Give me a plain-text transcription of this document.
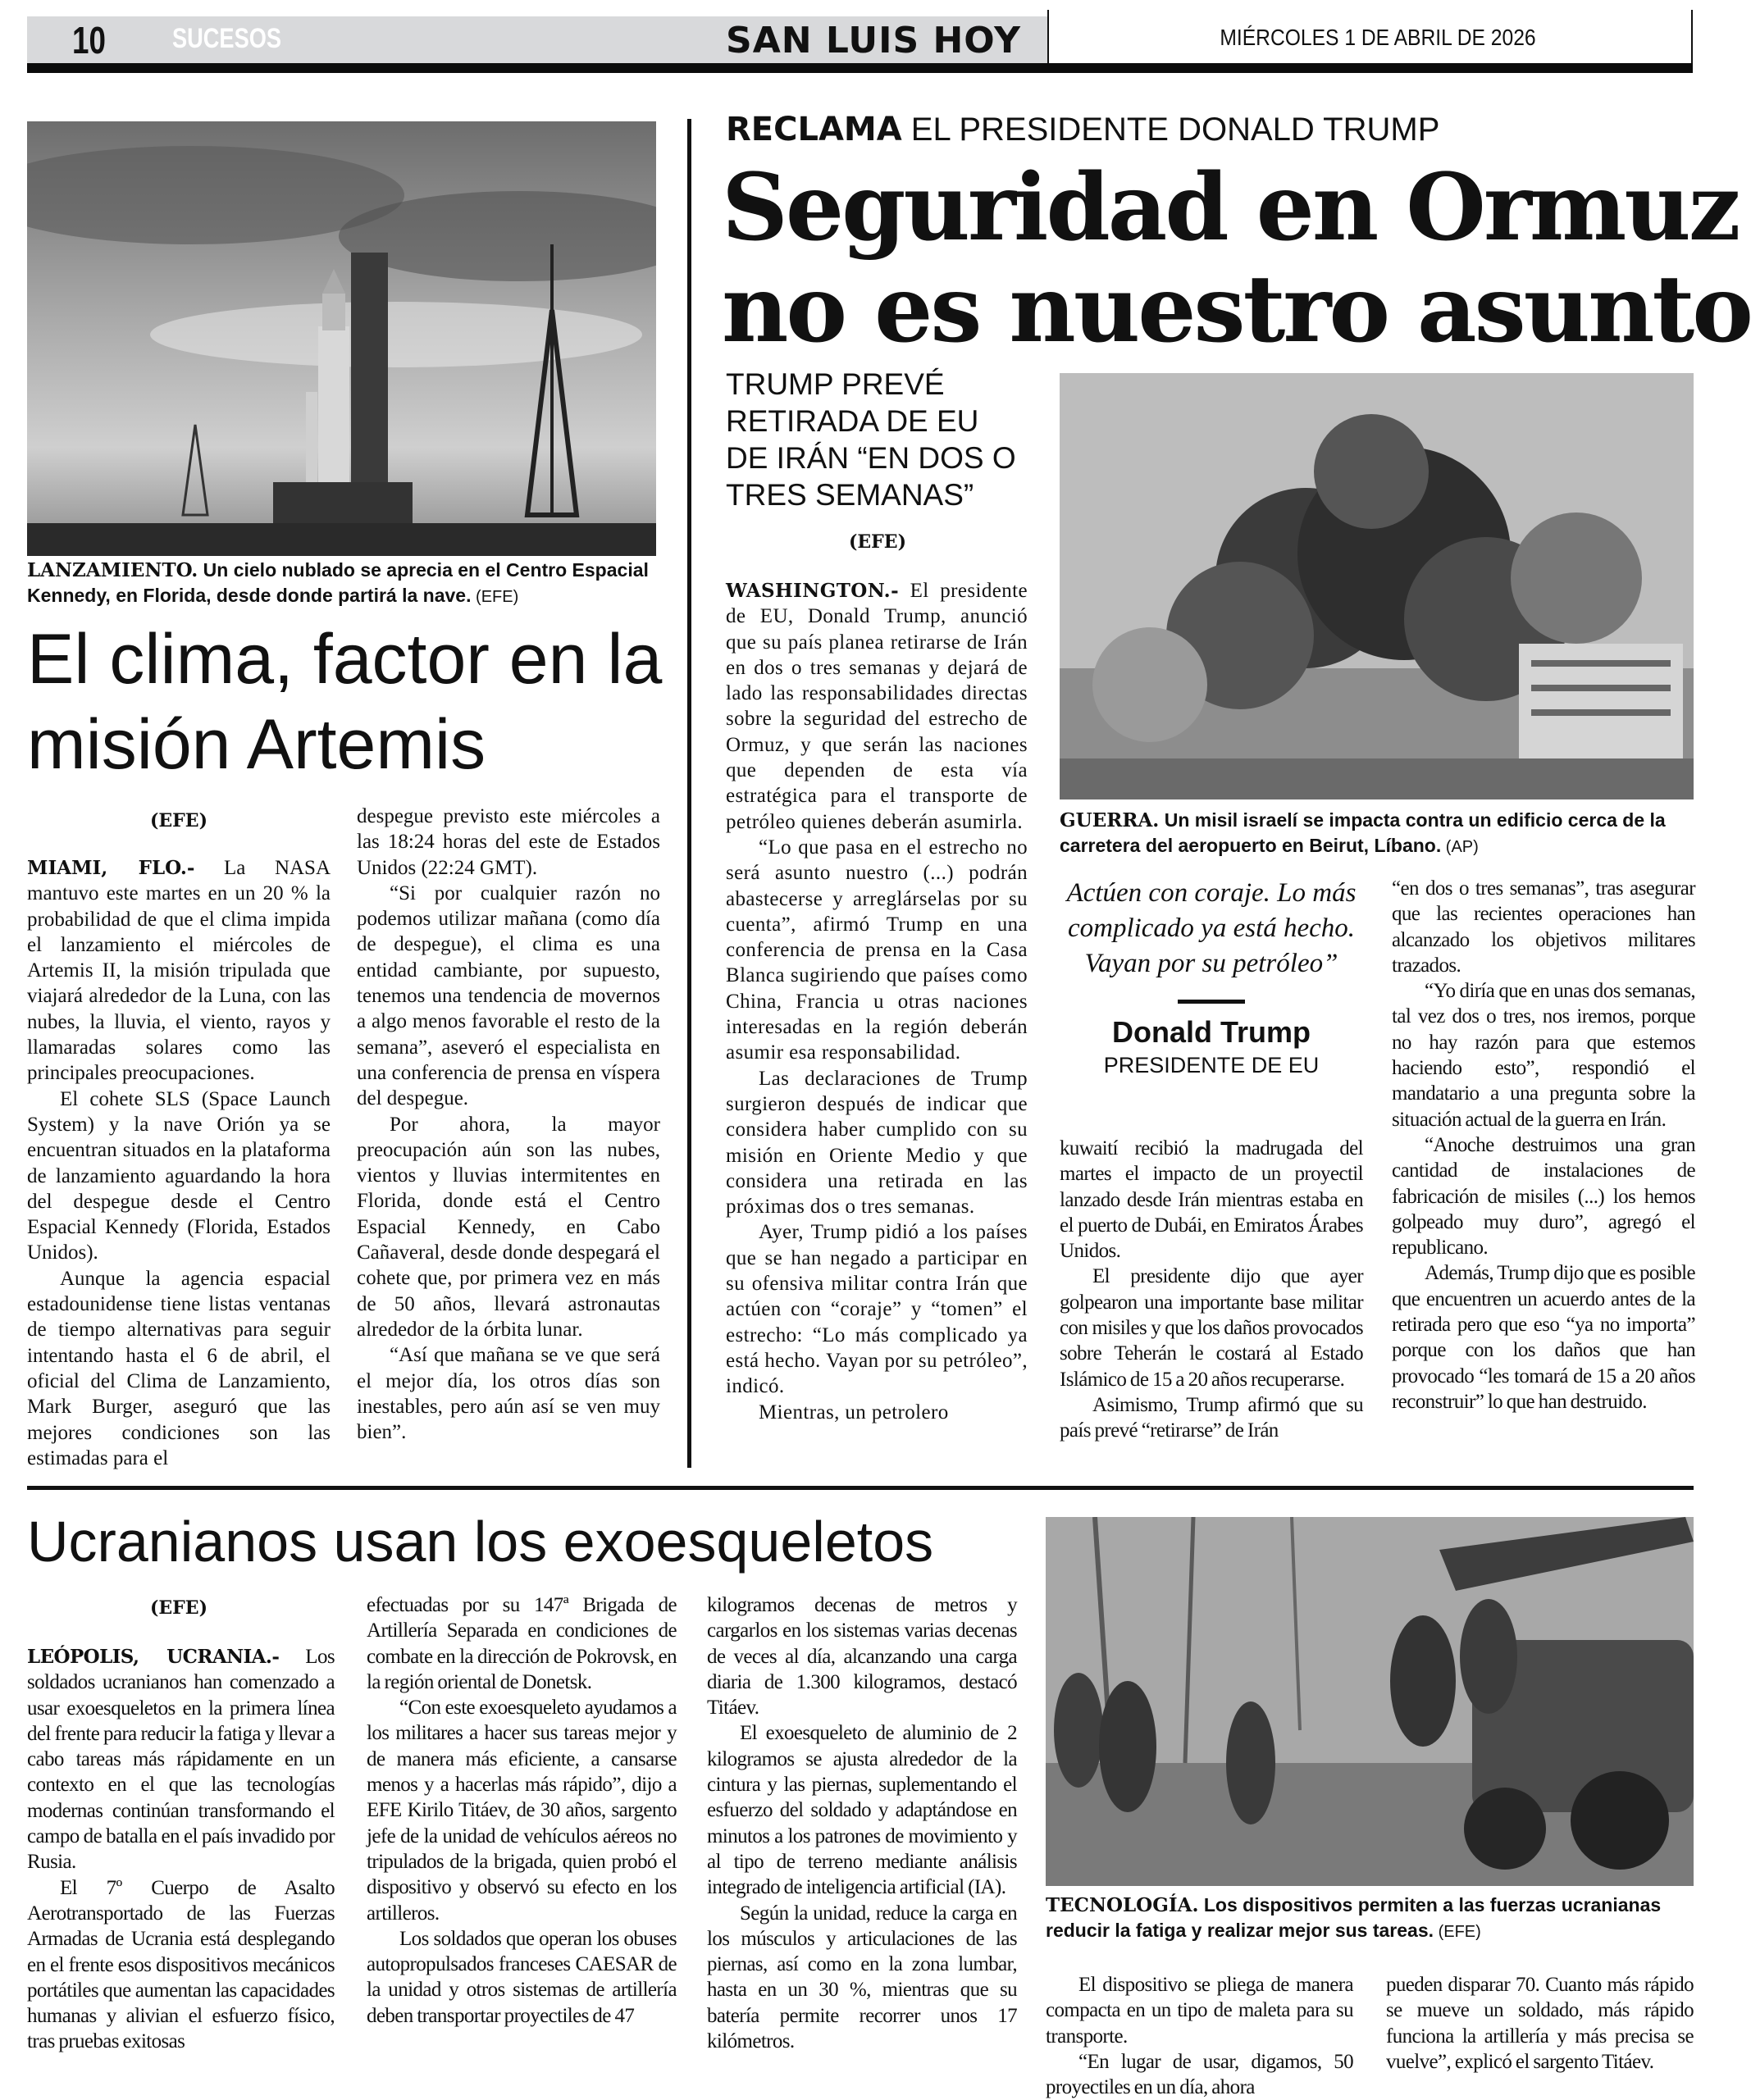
10 SUCESOS	SAN LUIS HOY	MIÉRCOLES 1 DE ABRIL DE 2026
LANZAMIENTO. Un cielo nublado se aprecia en el Centro Espacial Kennedy, en Florida, desde donde partirá la nave. (EFE)
El clima, factor en la misión Artemis
(EFE)

MIAMI, FLO.- La NASA mantuvo este martes en un 20 % la probabilidad de que el clima impida el lanzamiento el miércoles de Artemis II, la misión tripulada que viajará alrededor de la Luna, con las nubes, la lluvia, el viento, rayos y llamaradas solares como las principales preocupaciones.

El cohete SLS (Space Launch System) y la nave Orión ya se encuentran situados en la plataforma de lanzamiento aguardando la hora del despegue desde el Centro Espacial Kennedy (Florida, Estados Unidos).

Aunque la agencia espacial estadounidense tiene listas ventanas de tiempo alternativas para seguir intentando hasta el 6 de abril, el oficial del Clima de Lanzamiento, Mark Burger, aseguró que las mejores condiciones son las estimadas para el

despegue previsto este miércoles a las 18:24 horas del este de Estados Unidos (22:24 GMT).

“Si por cualquier razón no podemos utilizar mañana (como día de despegue), el clima es una entidad cambiante, por supuesto, tenemos una tendencia de movernos a algo menos favorable el resto de la semana”, aseveró el especialista en una conferencia de prensa en víspera del despegue.

Por ahora, la mayor preocupación aún son las nubes, vientos y lluvias intermitentes en Florida, donde está el Centro Espacial Kennedy, en Cabo Cañaveral, desde donde despegará el cohete que, por primera vez en más de 50 años, llevará astronautas alrededor de la órbita lunar.

“Así que mañana se ve que será el mejor día, los otros días son inestables, pero aún así se ven muy bien”.

RECLAMA EL PRESIDENTE DONALD TRUMP
Seguridad en Ormuz
no es nuestro asunto
TRUMP PREVÉ RETIRADA DE EU DE IRÁN “EN DOS O TRES SEMANAS”
(EFE)

WASHINGTON.- El presidente de EU, Donald Trump, anunció que su país planea retirarse de Irán en dos o tres semanas y dejará de lado las responsabilidades directas sobre la seguridad del estrecho de Ormuz, y que serán las naciones que dependen de esta vía estratégica para el transporte de petróleo quienes deberán asumirla.

“Lo que pasa en el estrecho no será asunto nuestro (...) podrán abastecerse y arreglárselas por su cuenta”, afirmó Trump en una conferencia de prensa en la Casa Blanca sugiriendo que países como China, Francia u otras naciones interesadas en la región deberán asumir esa responsabilidad.

Las declaraciones de Trump surgieron después de indicar que considera haber cumplido con su misión en Oriente Medio y que considera una retirada en las próximas dos o tres semanas.

Ayer, Trump pidió a los países que se han negado a participar en su ofensiva militar contra Irán que actúen con “coraje” y “tomen” el estrecho: “Lo más complicado ya está hecho. Vayan por su petróleo”, indicó.

Mientras, un petrolero

GUERRA. Un misil israelí se impacta contra un edificio cerca de la carretera del aeropuerto en Beirut, Líbano. (AP)
Actúen con coraje. Lo más complicado ya está hecho. Vayan por su petróleo”
Donald Trump
PRESIDENTE DE EU

kuwaití recibió la madrugada del martes el impacto de un proyectil lanzado desde Irán mientras estaba en el puerto de Dubái, en Emiratos Árabes Unidos.

El presidente dijo que ayer golpearon una importante base militar con misiles y que los daños provocados sobre Teherán le costará al Estado Islámico de 15 a 20 años recuperarse.

Asimismo, Trump afirmó que su país prevé “retirarse” de Irán

“en dos o tres semanas”, tras asegurar que las recientes operaciones han alcanzado los objetivos militares trazados.

“Yo diría que en unas dos semanas, tal vez dos o tres, nos iremos, porque no hay razón para que estemos haciendo esto”, respondió el mandatario a una pregunta sobre la situación actual de la guerra en Irán.

“Anoche destruimos una gran cantidad de instalaciones de fabricación de misiles (...) los hemos golpeado muy duro”, agregó el republicano.

Además, Trump dijo que es posible que encuentren un acuerdo antes de la retirada pero que eso “ya no importa” porque con los daños que han provocado “les tomará de 15 a 20 años reconstruir” lo que han destruido.

Ucranianos usan los exoesqueletos
(EFE)

LEÓPOLIS, UCRANIA.- Los soldados ucranianos han comenzado a usar exoesqueletos en la primera línea del frente para reducir la fatiga y llevar a cabo tareas más rápidamente en un contexto en el que las tecnologías modernas continúan transformando el campo de batalla en el país invadido por Rusia.

El 7º Cuerpo de Asalto Aerotransportado de las Fuerzas Armadas de Ucrania está desplegando en el frente esos dispositivos mecánicos portátiles que aumentan las capacidades humanas y alivian el esfuerzo físico, tras pruebas exitosas

efectuadas por su 147ª Brigada de Artillería Separada en condiciones de combate en la dirección de Pokrovsk, en la región oriental de Donetsk.

“Con este exoesqueleto ayudamos a los militares a hacer sus tareas mejor y de manera más eficiente, a cansarse menos y a hacerlas más rápido”, dijo a EFE Kirilo Titáev, de 30 años, sargento jefe de la unidad de vehículos aéreos no tripulados de la brigada, quien probó el dispositivo y observó su efecto en los artilleros.

Los soldados que operan los obuses autopropulsados franceses CAESAR de la unidad y otros sistemas de artillería deben transportar proyectiles de 47

kilogramos decenas de metros y cargarlos en los sistemas varias decenas de veces al día, alcanzando una carga diaria de 1.300 kilogramos, destacó Titáev.

El exoesqueleto de aluminio de 2 kilogramos se ajusta alrededor de la cintura y las piernas, suplementando el esfuerzo del soldado y adaptándose en minutos a los patrones de movimiento y al tipo de terreno mediante análisis integrado de inteligencia artificial (IA).

Según la unidad, reduce la carga en los músculos y articulaciones de las piernas, así como en la zona lumbar, hasta en un 30 %, mientras que su batería permite recorrer unos 17 kilómetros.

TECNOLOGÍA. Los dispositivos permiten a las fuerzas ucranianas reducir la fatiga y realizar mejor sus tareas. (EFE)

El dispositivo se pliega de manera compacta en un tipo de maleta para su transporte.

“En lugar de usar, digamos, 50 proyectiles en un día, ahora

pueden disparar 70. Cuanto más rápido se mueve un soldado, más rápido funciona la artillería y más precisa se vuelve”, explicó el sargento Titáev.
